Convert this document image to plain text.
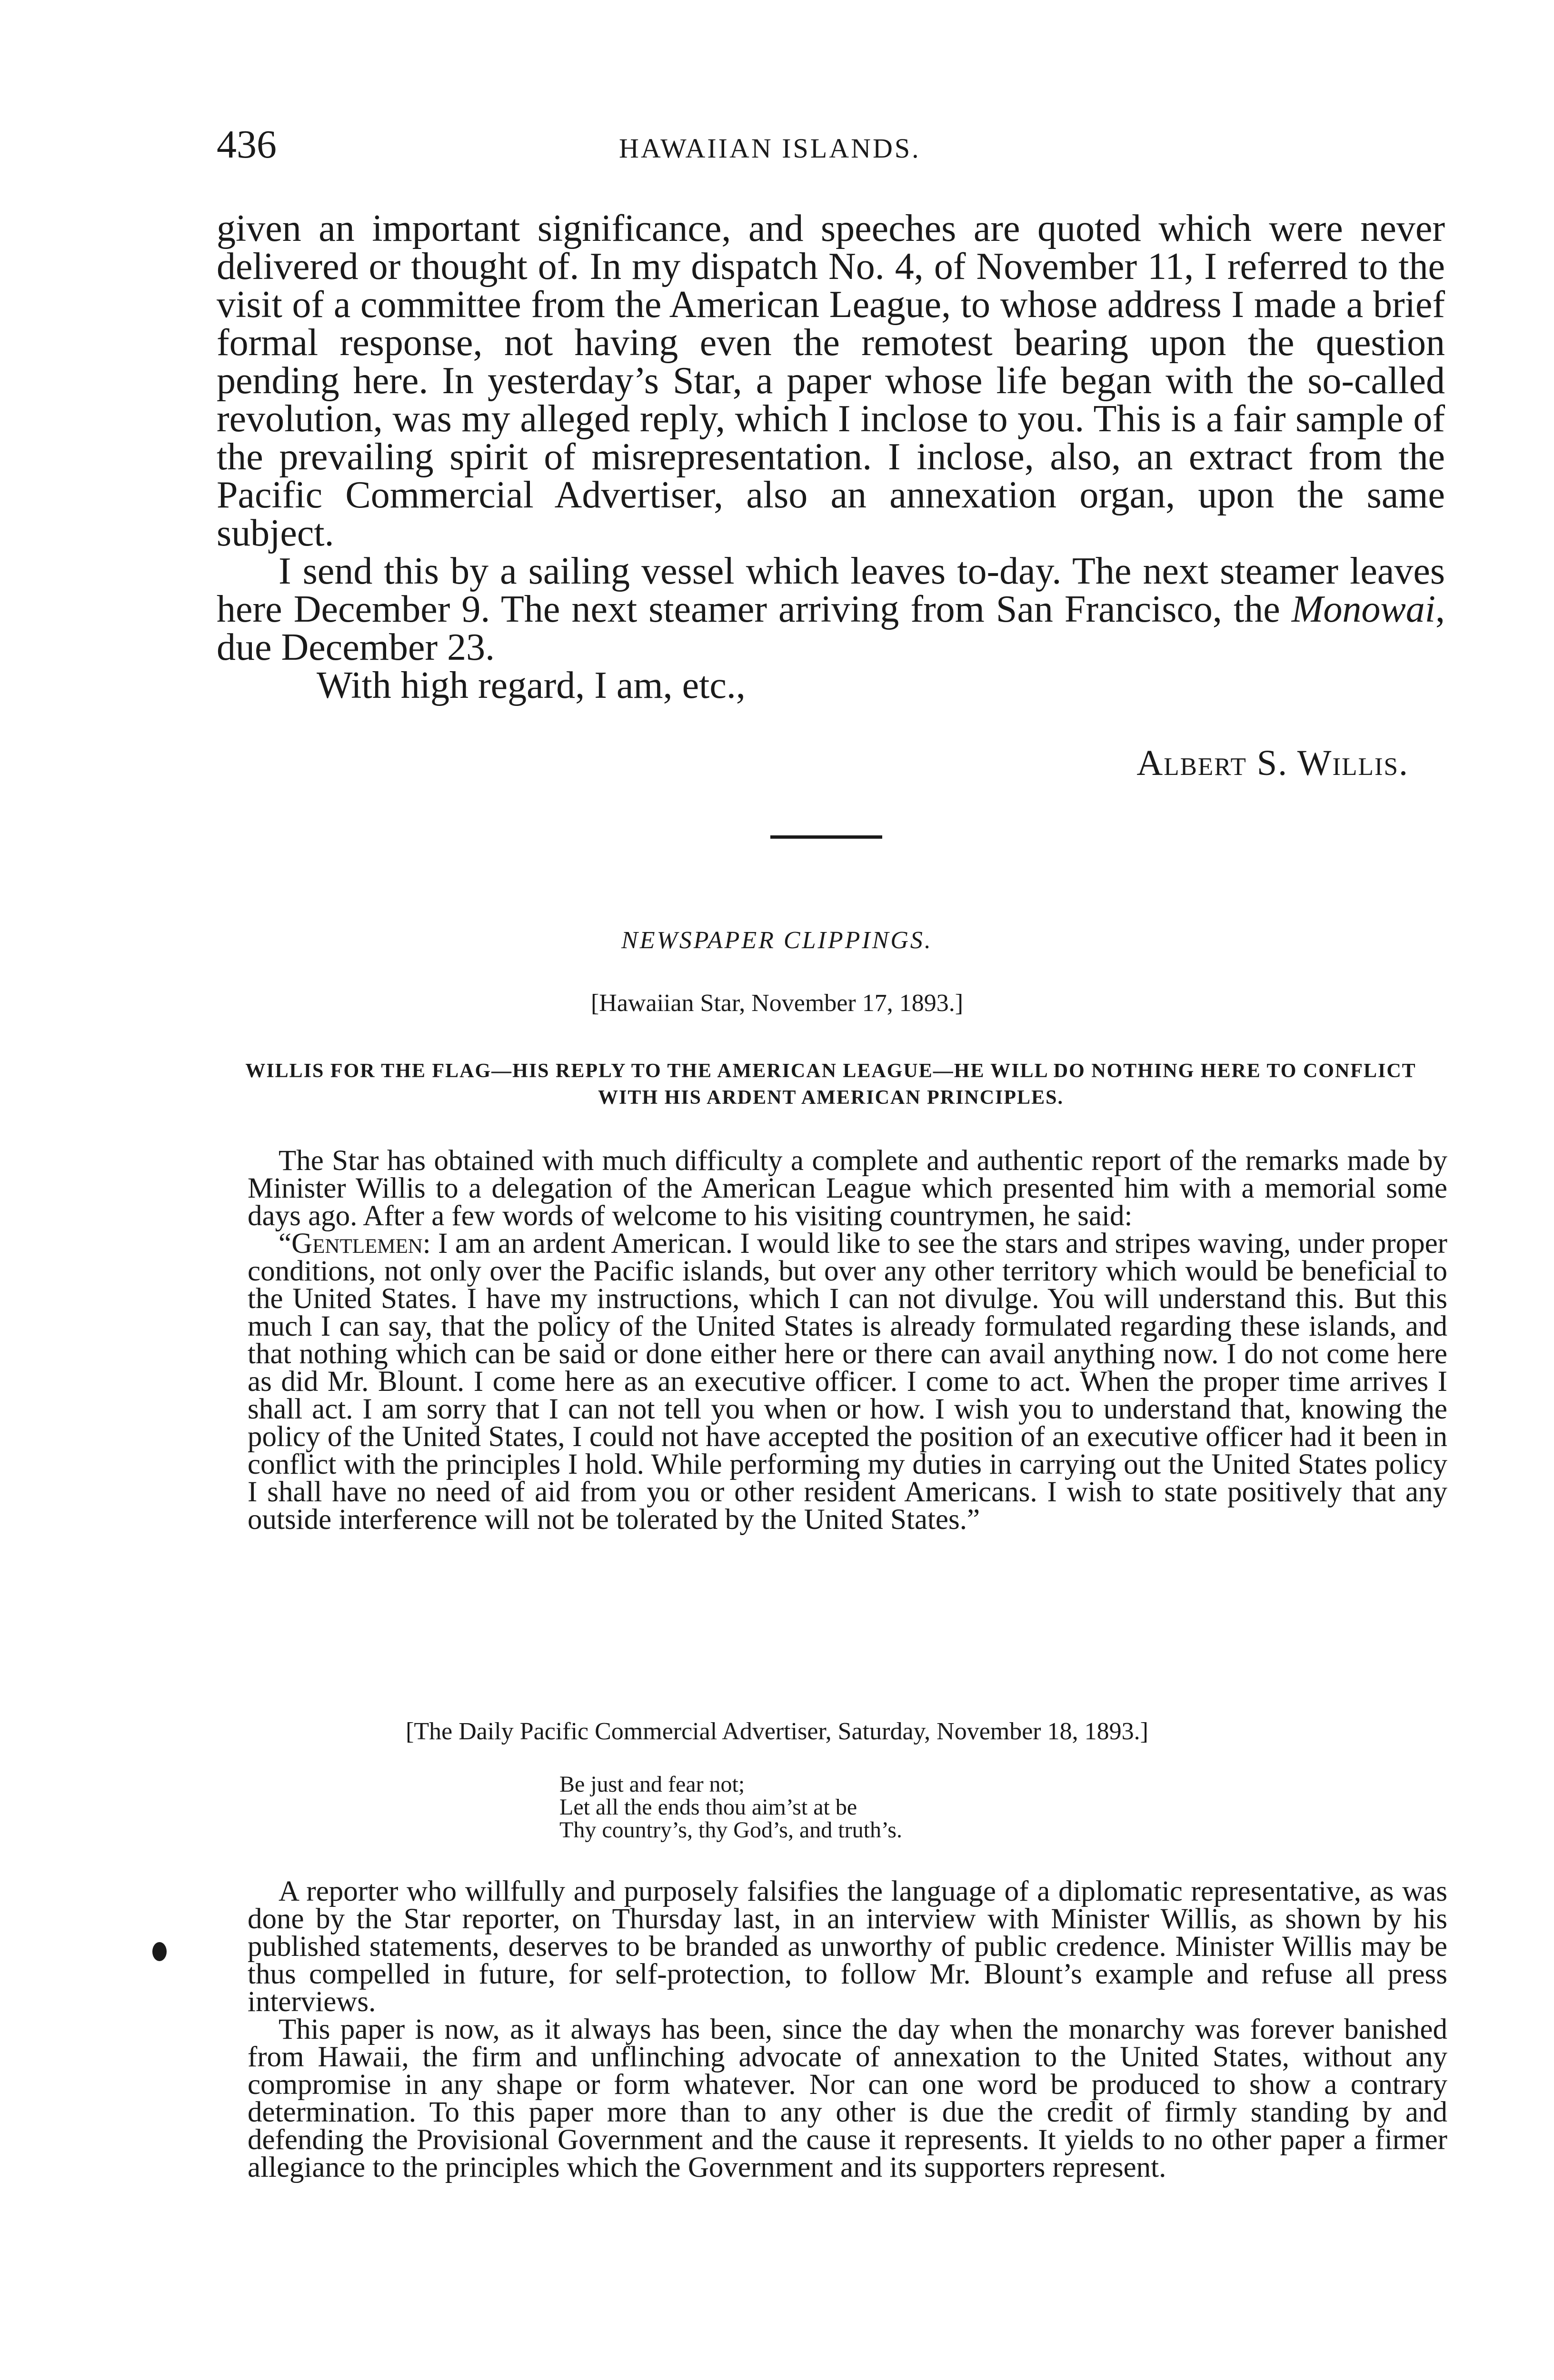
436	HAWAIIAN ISLANDS.

given an important significance, and speeches are quoted which were never delivered or thought of. In my dispatch No. 4, of November 11, I referred to the visit of a committee from the American League, to whose address I made a brief formal response, not having even the remotest bearing upon the question pending here. In yesterday’s Star, a paper whose life began with the so-called revolution, was my alleged reply, which I inclose to you. This is a fair sample of the prevailing spirit of misrepresentation. I inclose, also, an extract from the Pacific Commercial Advertiser, also an annexation organ, upon the same subject.

I send this by a sailing vessel which leaves to-day. The next steamer leaves here December 9. The next steamer arriving from San Francisco, the Monowai, due December 23.

With high regard, I am, etc.,

Albert S. Willis.
NEWSPAPER CLIPPINGS.
[Hawaiian Star, November 17, 1893.]
WILLIS FOR THE FLAG—HIS REPLY TO THE AMERICAN LEAGUE—HE WILL DO NOTHING HERE TO CONFLICT WITH HIS ARDENT AMERICAN PRINCIPLES.

The Star has obtained with much difficulty a complete and authentic report of the remarks made by Minister Willis to a delegation of the American League which presented him with a memorial some days ago. After a few words of welcome to his visiting countrymen, he said:

“Gentlemen: I am an ardent American. I would like to see the stars and stripes waving, under proper conditions, not only over the Pacific islands, but over any other territory which would be beneficial to the United States. I have my instructions, which I can not divulge. You will understand this. But this much I can say, that the policy of the United States is already formulated regarding these islands, and that nothing which can be said or done either here or there can avail anything now. I do not come here as did Mr. Blount. I come here as an executive officer. I come to act. When the proper time arrives I shall act. I am sorry that I can not tell you when or how. I wish you to understand that, knowing the policy of the United States, I could not have accepted the position of an executive officer had it been in conflict with the principles I hold. While performing my duties in carrying out the United States policy I shall have no need of aid from you or other resident Americans. I wish to state positively that any outside interference will not be tolerated by the United States.”

[The Daily Pacific Commercial Advertiser, Saturday, November 18, 1893.]
Be just and fear not;
Let all the ends thou aim’st at be
Thy country’s, thy God’s, and truth’s.

A reporter who willfully and purposely falsifies the language of a diplomatic representative, as was done by the Star reporter, on Thursday last, in an interview with Minister Willis, as shown by his published statements, deserves to be branded as unworthy of public credence. Minister Willis may be thus compelled in future, for self-protection, to follow Mr. Blount’s example and refuse all press interviews.

This paper is now, as it always has been, since the day when the monarchy was forever banished from Hawaii, the firm and unflinching advocate of annexation to the United States, without any compromise in any shape or form whatever. Nor can one word be produced to show a contrary determination. To this paper more than to any other is due the credit of firmly standing by and defending the Provisional Government and the cause it represents. It yields to no other paper a firmer allegiance to the principles which the Government and its supporters represent.
